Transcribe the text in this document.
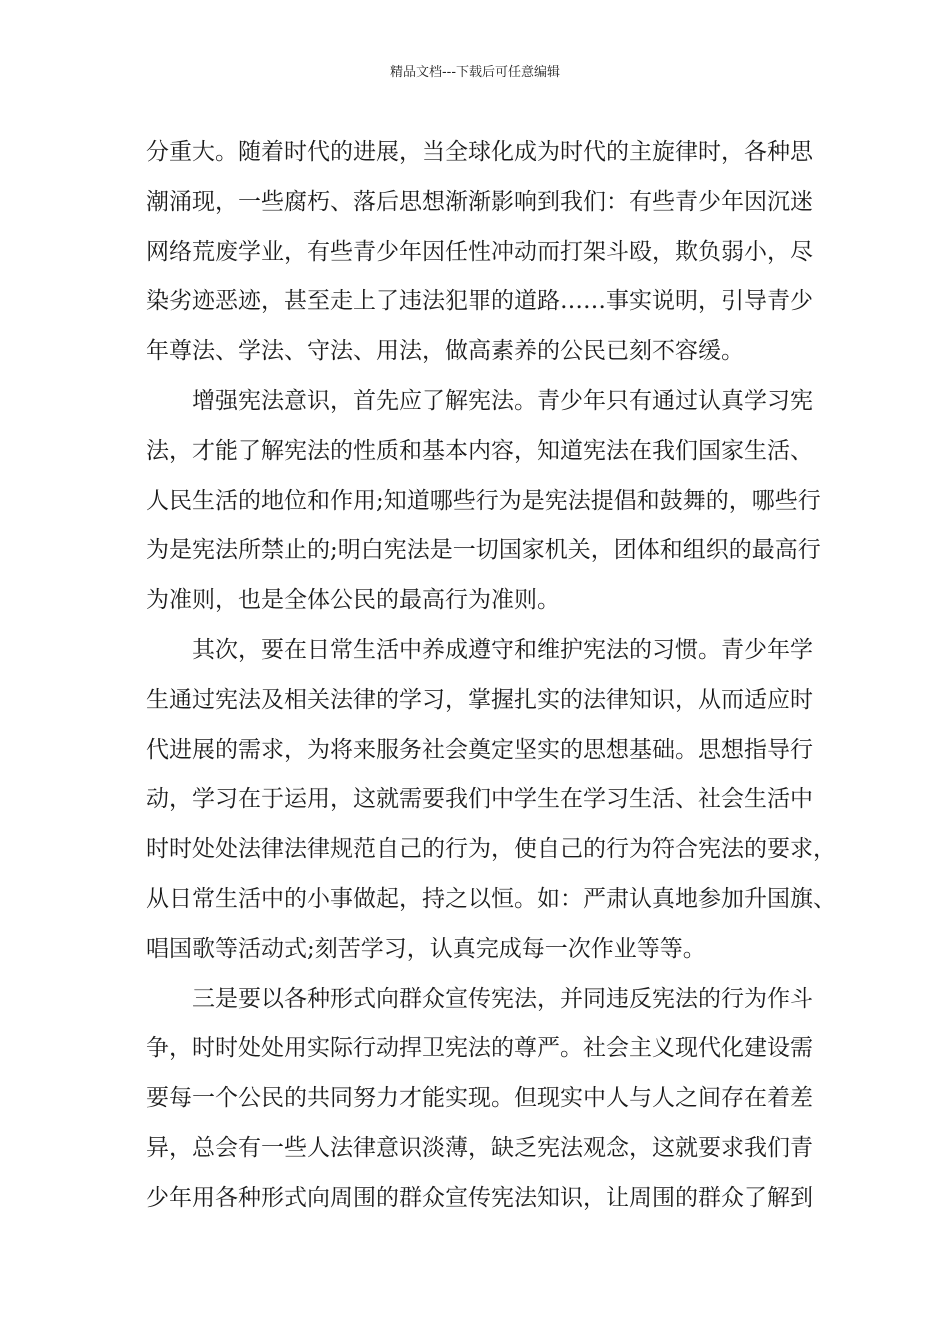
精品文档---下载后可任意编辑
分重大。随着时代的进展，当全球化成为时代的主旋律时，各种思
潮涌现，一些腐朽、落后思想渐渐影响到我们：有些青少年因沉迷
网络荒废学业，有些青少年因任性冲动而打架斗殴，欺负弱小，尽
染劣迹恶迹，甚至走上了违法犯罪的道路……事实说明，引导青少
年尊法、学法、守法、用法，做高素养的公民已刻不容缓。
增强宪法意识，首先应了解宪法。青少年只有通过认真学习宪
法，才能了解宪法的性质和基本内容，知道宪法在我们国家生活、
人民生活的地位和作用;知道哪些行为是宪法提倡和鼓舞的，哪些行
为是宪法所禁止的;明白宪法是一切国家机关，团体和组织的最高行
为准则，也是全体公民的最高行为准则。
其次，要在日常生活中养成遵守和维护宪法的习惯。青少年学
生通过宪法及相关法律的学习，掌握扎实的法律知识，从而适应时
代进展的需求，为将来服务社会奠定坚实的思想基础。思想指导行
动，学习在于运用，这就需要我们中学生在学习生活、社会生活中
时时处处法律法律规范自己的行为，使自己的行为符合宪法的要求，
从日常生活中的小事做起，持之以恒。如：严肃认真地参加升国旗、
唱国歌等活动式;刻苦学习，认真完成每一次作业等等。
三是要以各种形式向群众宣传宪法，并同违反宪法的行为作斗
争，时时处处用实际行动捍卫宪法的尊严。社会主义现代化建设需
要每一个公民的共同努力才能实现。但现实中人与人之间存在着差
异，总会有一些人法律意识淡薄，缺乏宪法观念，这就要求我们青
少年用各种形式向周围的群众宣传宪法知识，让周围的群众了解到
